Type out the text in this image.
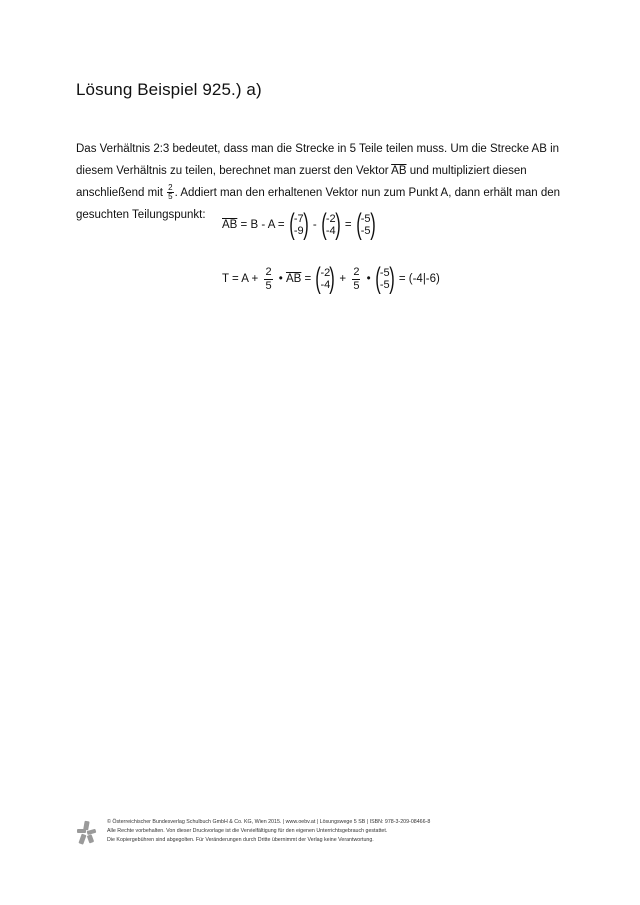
Lösung Beispiel 925.) a)
Das Verhältnis 2:3 bedeutet, dass man die Strecke in 5 Teile teilen muss. Um die Strecke AB in
diesem Verhältnis zu teilen, berechnet man zuerst den Vektor $\overline{AB}$ und multipliziert diesen
anschließend mit $\frac{2}{5}$ . Addiert man den erhaltenen Vektor nun zum Punkt A, dann erhält man den
gesuchten Teilungspunkt:
$\overline{AB} = B - A$ = ( -7
-9 ) - ( -2
-4 ) = ( -5
-5 )
$T = A + \frac{2}{5}$ • $\overline{AB}$ = ( -2
-4 ) + $\frac{2}{5}$ • ( -5
-5 ) = (-4|-6)
© Österreichischer Bundesverlag Schulbuch GmbH & Co. KG, Wien 2015. | www.oebv.at | Lösungswege 5 SB | ISBN: 978-3-209-08466-8
Alle Rechte vorbehalten. Von dieser Druckvorlage ist die Vervielfältigung für den eigenen Unterrichtsgebrauch gestattet.
Die Kopiergebühren sind abgegolten. Für Veränderungen durch Dritte übernimmt der Verlag keine Verantwortung.
